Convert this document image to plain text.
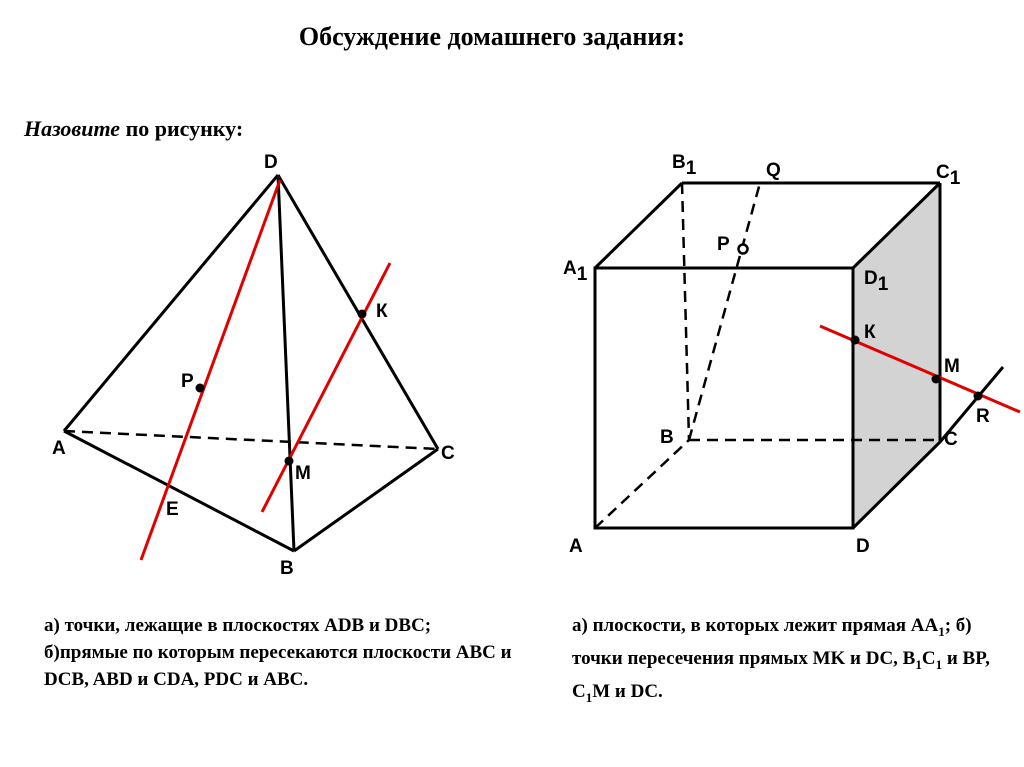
Обсуждение домашнего задания:
Назовите по рисунку:
D
A
B
C
P
К
M
E
B1	Q	C1
P
A1	D1
К
M
R
B	C
A	D
а) точки, лежащие в плоскостях ADB и DBC; б)прямые по которым пересекаются плоскости ABC и DCB, ABD и CDA, PDC и ABC.
а) плоскости, в которых лежит прямая $AA_1$; б) точки пересечения прямых MK и DC, $B_1C_1$ и BP, $C_1M$ и DC.
